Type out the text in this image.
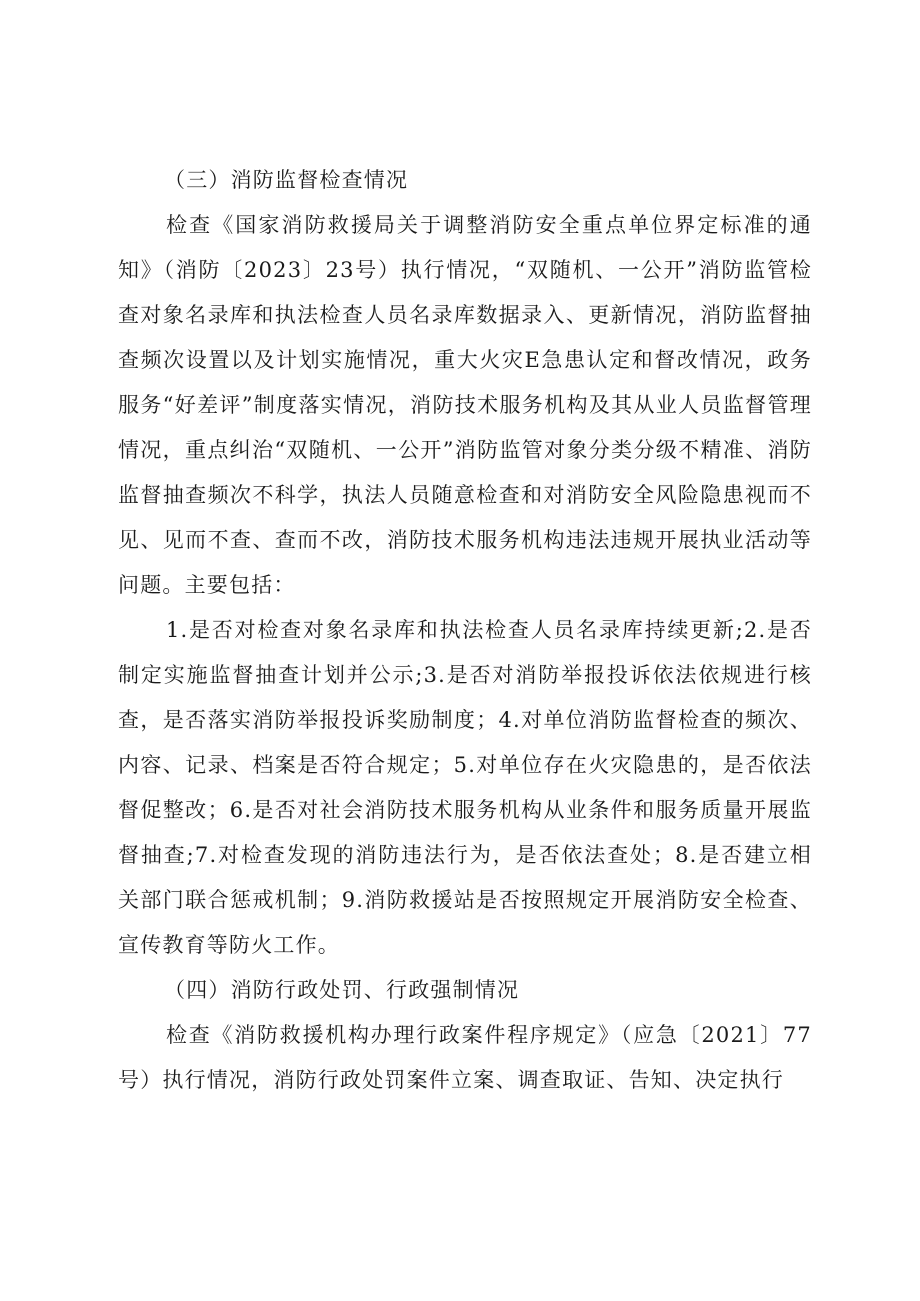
（三）消防监督检查情况

检查《国家消防救援局关于调整消防安全重点单位界定标准的通知》（消防〔2023〕23号）执行情况，“双随机、一公开”消防监管检查对象名录库和执法检查人员名录库数据录入、更新情况，消防监督抽查频次设置以及计划实施情况，重大火灾E急患认定和督改情况，政务服务“好差评”制度落实情况，消防技术服务机构及其从业人员监督管理情况，重点纠治“双随机、一公开”消防监管对象分类分级不精准、消防监督抽查频次不科学，执法人员随意检查和对消防安全风险隐患视而不见、见而不查、查而不改，消防技术服务机构违法违规开展执业活动等问题。主要包括：

1.是否对检查对象名录库和执法检查人员名录库持续更新;2.是否制定实施监督抽查计划并公示;3.是否对消防举报投诉依法依规进行核查，是否落实消防举报投诉奖励制度；4.对单位消防监督检查的频次、内容、记录、档案是否符合规定；5.对单位存在火灾隐患的，是否依法督促整改；6.是否对社会消防技术服务机构从业条件和服务质量开展监督抽查;7.对检查发现的消防违法行为，是否依法查处；8.是否建立相关部门联合惩戒机制；9.消防救援站是否按照规定开展消防安全检查、宣传教育等防火工作。

（四）消防行政处罚、行政强制情况

检查《消防救援机构办理行政案件程序规定》（应急〔2021〕77号）执行情况，消防行政处罚案件立案、调查取证、告知、决定执行
